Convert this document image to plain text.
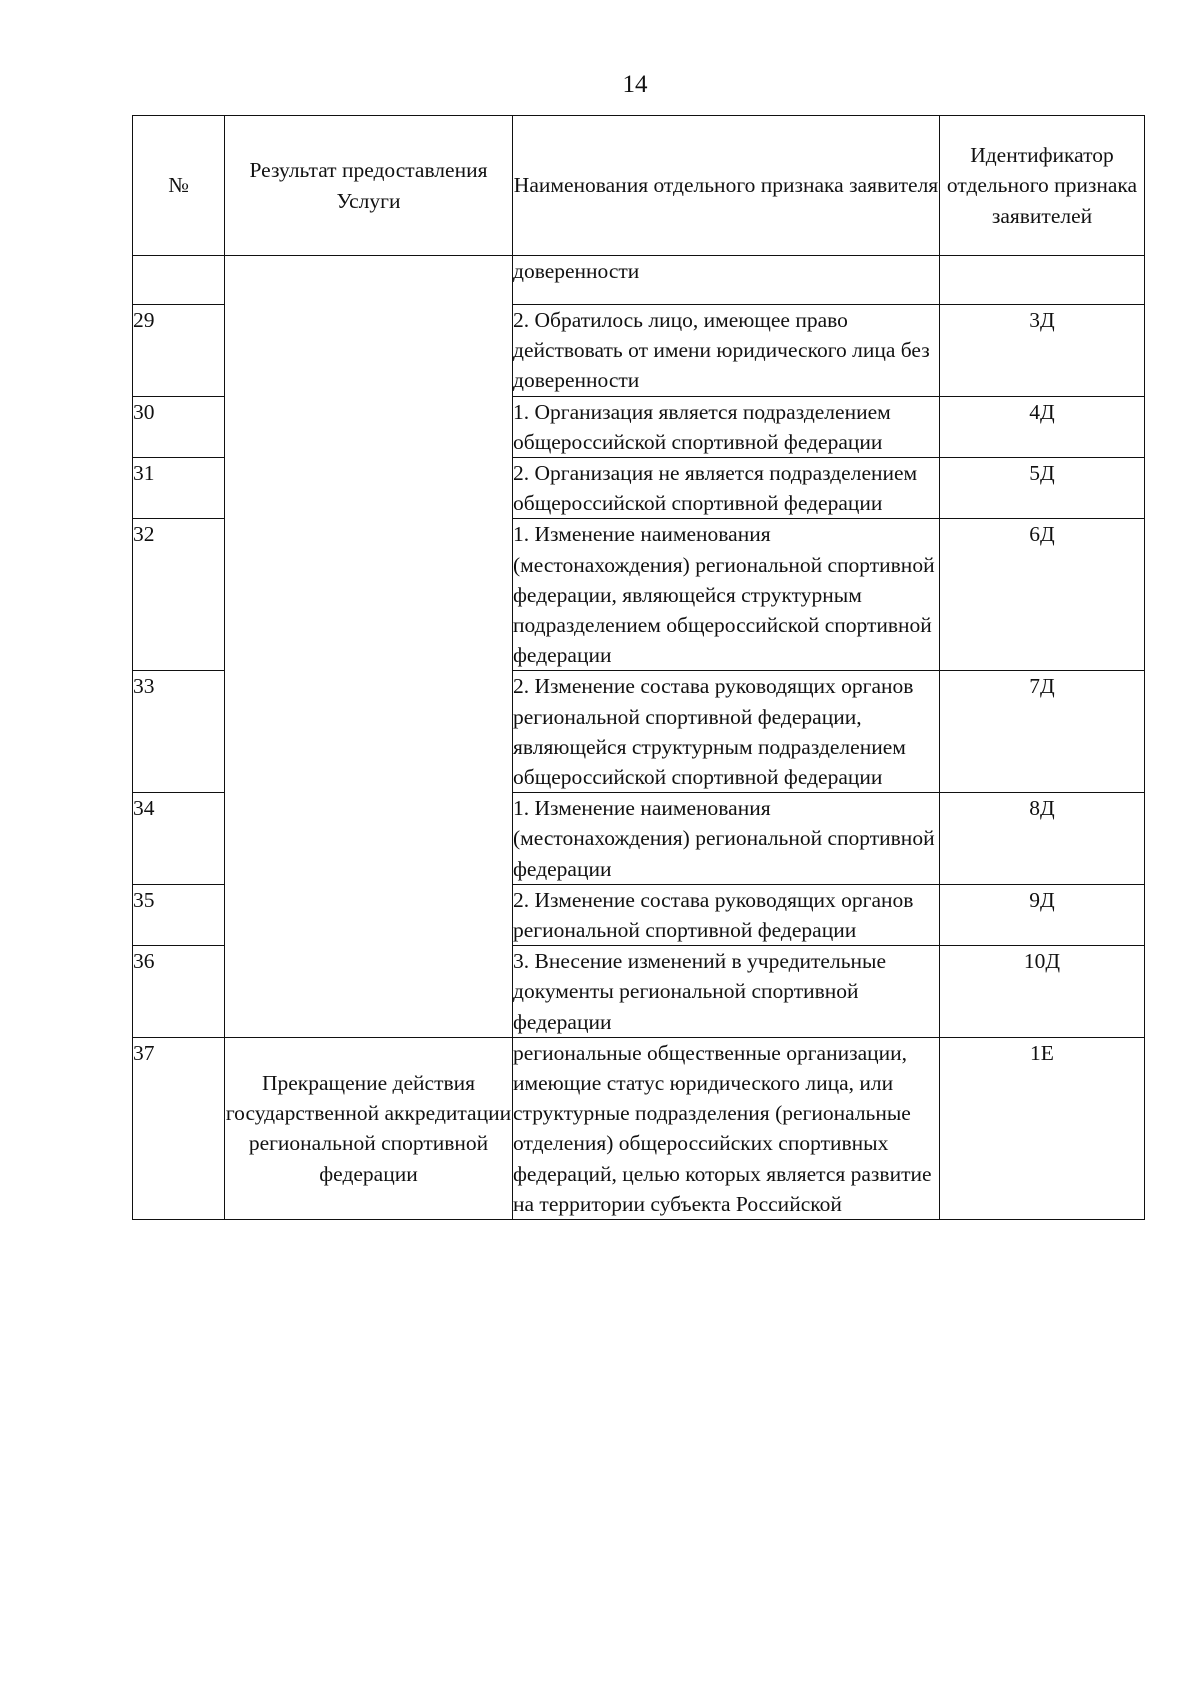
14
№	Результат предоставления Услуги	Наименования отдельного признака заявителя	Идентификатор отдельного признака заявителей
		доверенности	
29		2. Обратилось лицо, имеющее право действовать от имени юридического лица без доверенности	3Д
30		1. Организация является подразделением общероссийской спортивной федерации	4Д
31		2. Организация не является подразделением общероссийской спортивной федерации	5Д
32		1. Изменение наименования (местонахождения) региональной спортивной федерации, являющейся структурным подразделением общероссийской спортивной федерации	6Д
33		2. Изменение состава руководящих органов региональной спортивной федерации, являющейся структурным подразделением общероссийской спортивной федерации	7Д
34		1. Изменение наименования (местонахождения) региональной спортивной федерации	8Д
35		2. Изменение состава руководящих органов региональной спортивной федерации	9Д
36		3. Внесение изменений в учредительные документы региональной спортивной федерации	10Д
37	Прекращение действия государственной аккредитации региональной спортивной федерации	региональные общественные организации, имеющие статус юридического лица, или структурные подразделения (региональные отделения) общероссийских спортивных федераций, целью которых является развитие на территории субъекта Российской	1Е
